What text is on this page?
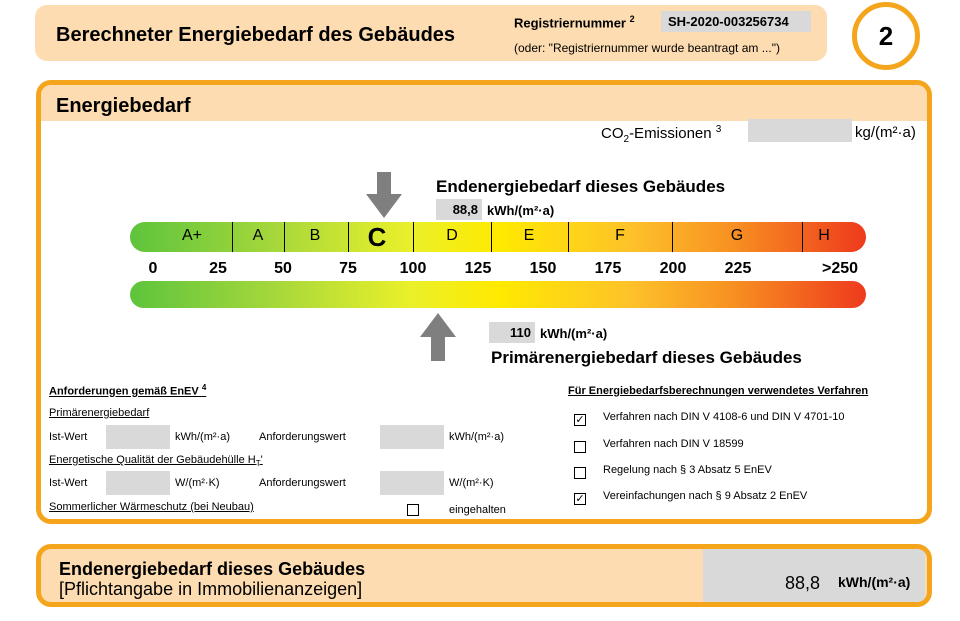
Berechneter Energiebedarf des Gebäudes
Registriernummer $^2$	SH-2020-003256734
(oder: "Registriernummer wurde beantragt am ...")	2
Energiebedarf
$CO_2$-Emissionen $^3$	kg/(m²·a)
Endenergiebedarf dieses Gebäudes
88,8 kWh/(m²·a)
A+	A	B C	D	E	F	G	H
0	25	50	75	100 125 150 175 200 225	>250
110 kWh/(m²·a)
Primärenergiebedarf dieses Gebäudes
Anforderungen gemäß EnEV $^4$
Primärenergiebedarf
Ist-Wert	kWh/(m²·a)	Anforderungswert	kWh/(m²·a)
Energetische Qualität der Gebäudehülle $H_T'$
Ist-Wert	W/(m²·K)	Anforderungswert	W/(m²·K)
Sommerlicher Wärmeschutz (bei Neubau)	eingehalten
Für Energiebedarfsberechnungen verwendetes Verfahren
✓ Verfahren nach DIN V 4108-6 und DIN V 4701-10
Verfahren nach DIN V 18599
Regelung nach § 3 Absatz 5 EnEV
✓ Vereinfachungen nach § 9 Absatz 2 EnEV
Endenergiebedarf dieses Gebäudes
[Pflichtangabe in Immobilienanzeigen]	88,8 kWh/(m²·a)
